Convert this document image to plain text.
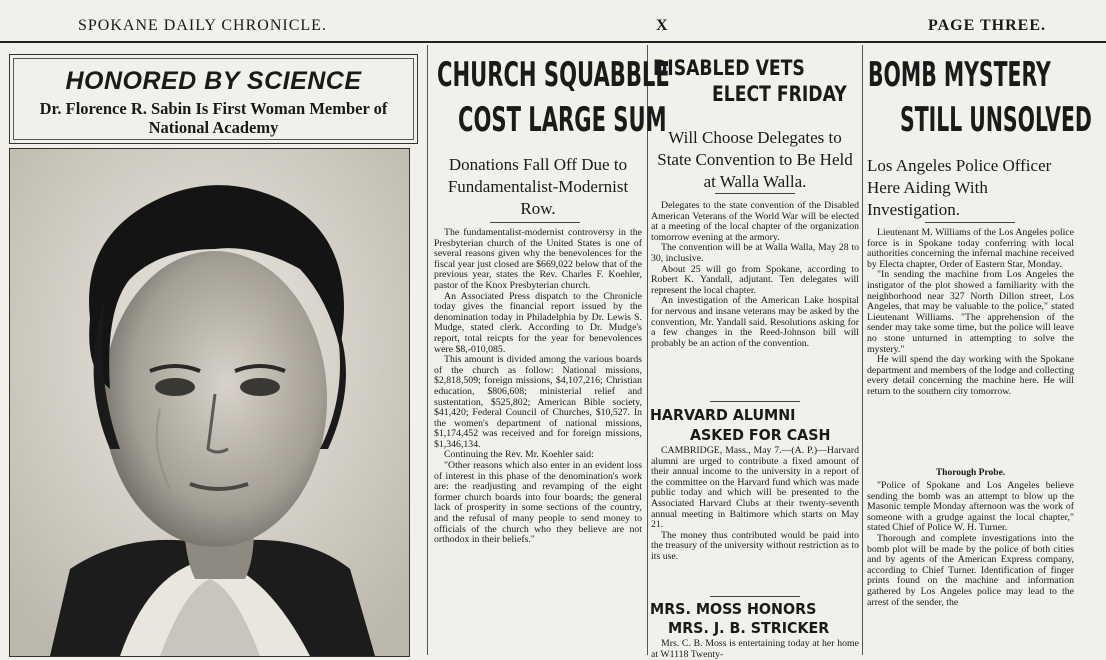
SPOKANE DAILY CHRONICLE.	X	PAGE THREE.
HONORED BY SCIENCE
Dr. Florence R. Sabin Is First Woman Member of National Academy
CHURCH SQUABBLE
COST LARGE SUM
Donations Fall Off Due to Fundamentalist-Modernist Row.

The fundamentalist-modernist controversy in the Presbyterian church of the United States is one of several reasons given why the benevolences for the fiscal year just closed are $669,022 below that of the previous year, states the Rev. Charles F. Koehler, pastor of the Knox Presbyterian church.

An Associated Press dispatch to the Chronicle today gives the financial report issued by the denomination today in Philadelphia by Dr. Lewis S. Mudge, stated clerk. According to Dr. Mudge's report, total reicpts for the year for benevolences were $8,-010,085.

This amount is divided among the various boards of the church as follow: National missions, $2,818,509; foreign missions, $4,107,216; Christian education, $806,608; ministerial relief and sustentation, $525,802; American Bible society, $41,420; Federal Council of Churches, $10,527. In the women's department of national missions, $1,174,452 was received and for foreign missions, $1,346,134.

Continuing the Rev. Mr. Koehler said:

"Other reasons which also enter in an evident loss of interest in this phase of the denomination's work are: the readjusting and revamping of the eight former church boards into four boards; the general lack of prosperity in some sections of the country, and the refusal of many people to send money to officials of the church who they believe are not orthodox in their beliefs."

DISABLED VETS
ELECT FRIDAY
Will Choose Delegates to State Convention to Be Held at Walla Walla.

Delegates to the state convention of the Disabled American Veterans of the World War will be elected at a meeting of the local chapter of the organization tomorrow evening at the armory.

The convention will be at Walla Walla, May 28 to 30, inclusive.

About 25 will go from Spokane, according to Robert K. Yandall, adjutant. Ten delegates will represent the local chapter.

An investigation of the American Lake hospital for nervous and insane veterans may be asked by the convention, Mr. Yandall said. Resolutions asking for a few changes in the Reed-Johnson bill will probably be an action of the convention.

HARVARD ALUMNI
ASKED FOR CASH

CAMBRIDGE, Mass., May 7.—(A. P.)—Harvard alumni are urged to contribute a fixed amount of their annual income to the university in a report of the committee on the Harvard fund which was made public today and which will be presented to the Associated Harvard Clubs at their twenty-seventh annual meeting in Baltimore which starts on May 21.

The money thus contributed would be paid into the treasury of the university without restriction as to its use.

MRS. MOSS HONORS
MRS. J. B. STRICKER

Mrs. C. B. Moss is entertaining today at her home at W1118 Twenty-

BOMB MYSTERY
STILL UNSOLVED
Los Angeles Police Officer Here Aiding With Investigation.

Lieutenant M. Williams of the Los Angeles police force is in Spokane today conferring with local authorities concerning the infernal machine received by Electa chapter, Order of Eastern Star, Monday.

"In sending the machine from Los Angeles the instigator of the plot showed a familiarity with the neighborhood near 327 North Dillon street, Los Angeles, that may be valuable to the police," stated Lieutenant Williams. "The apprehension of the sender may take some time, but the police will leave no stone unturned in attempting to solve the mystery."

He will spend the day working with the Spokane department and members of the lodge and collecting every detail concerning the machine here. He will return to the southern city tomorrow.

Thorough Probe.

"Police of Spokane and Los Angeles believe sending the bomb was an attempt to blow up the Masonic temple Monday afternoon was the work of someone with a grudge against the local chapter," stated Chief of Police W. H. Turner.

Thorough and complete investigations into the bomb plot will be made by the police of both cities and by agents of the American Express company, according to Chief Turner. Identification of finger prints found on the machine and information gathered by Los Angeles police may lead to the arrest of the sender, the
